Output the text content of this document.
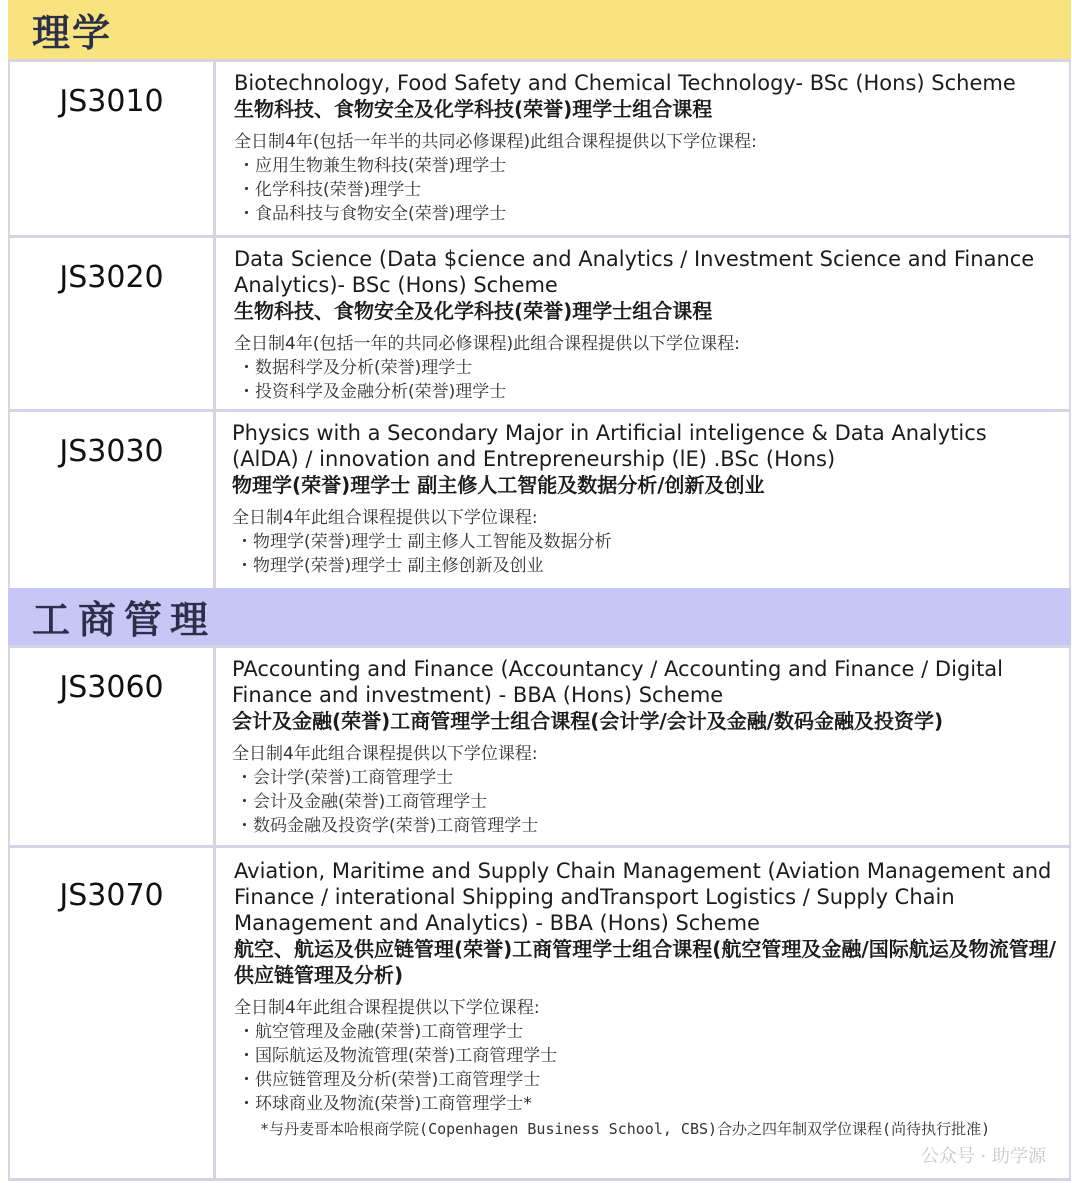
理学
JS3010
Biotechnology, Food Safety and Chemical Technology- BSc (Hons) Scheme
生物科技、食物安全及化学科技(荣誉)理学士组合课程
全日制4年(包括一年半的共同必修课程)此组合课程提供以下学位课程:
・ 应用生物兼生物科技(荣誉)理学士
・ 化学科技(荣誉)理学士
・ 食品科技与食物安全(荣誉)理学士
JS3020
Data Science (Data $cience and Analytics / Investment Science and Finance Analytics)- BSc (Hons) Scheme
生物科技、食物安全及化学科技(荣誉)理学士组合课程
全日制4年(包括一年的共同必修课程)此组合课程提供以下学位课程:
・ 数据科学及分析(荣誉)理学士
・ 投资科学及金融分析(荣誉)理学士
JS3030
Physics with a Secondary Major in Artificial inteligence & Data Analytics (AlDA) / innovation and Entrepreneurship (lE) .BSc (Hons)
物理学(荣誉)理学士 副主修人工智能及数据分析/创新及创业
全日制4年此组合课程提供以下学位课程:
・ 物理学(荣誉)理学士 副主修人工智能及数据分析
・ 物理学(荣誉)理学士 副主修创新及创业
工商管理
JS3060
PAccounting and Finance (Accountancy / Accounting and Finance / Digital Finance and investment) - BBA (Hons) Scheme
会计及金融(荣誉)工商管理学士组合课程(会计学/会计及金融/数码金融及投资学)
全日制4年此组合课程提供以下学位课程:
・ 会计学(荣誉)工商管理学士
・ 会计及金融(荣誉)工商管理学士
・ 数码金融及投资学(荣誉)工商管理学士
JS3070
Aviation, Maritime and Supply Chain Management (Aviation Management and Finance / interational Shipping andTransport Logistics / Supply Chain Management and Analytics) - BBA (Hons) Scheme
航空、航运及供应链管理(荣誉)工商管理学士组合课程(航空管理及金融/国际航运及物流管理/供应链管理及分析)
全日制4年此组合课程提供以下学位课程:
・ 航空管理及金融(荣誉)工商管理学士
・ 国际航运及物流管理(荣誉)工商管理学士
・ 供应链管理及分析(荣誉)工商管理学士
・ 环球商业及物流(荣誉)工商管理学士*
*与丹麦哥本哈根商学院(Copenhagen Business School, CBS)合办之四年制双学位课程(尚待执行批准)
公众号 · 助学源
